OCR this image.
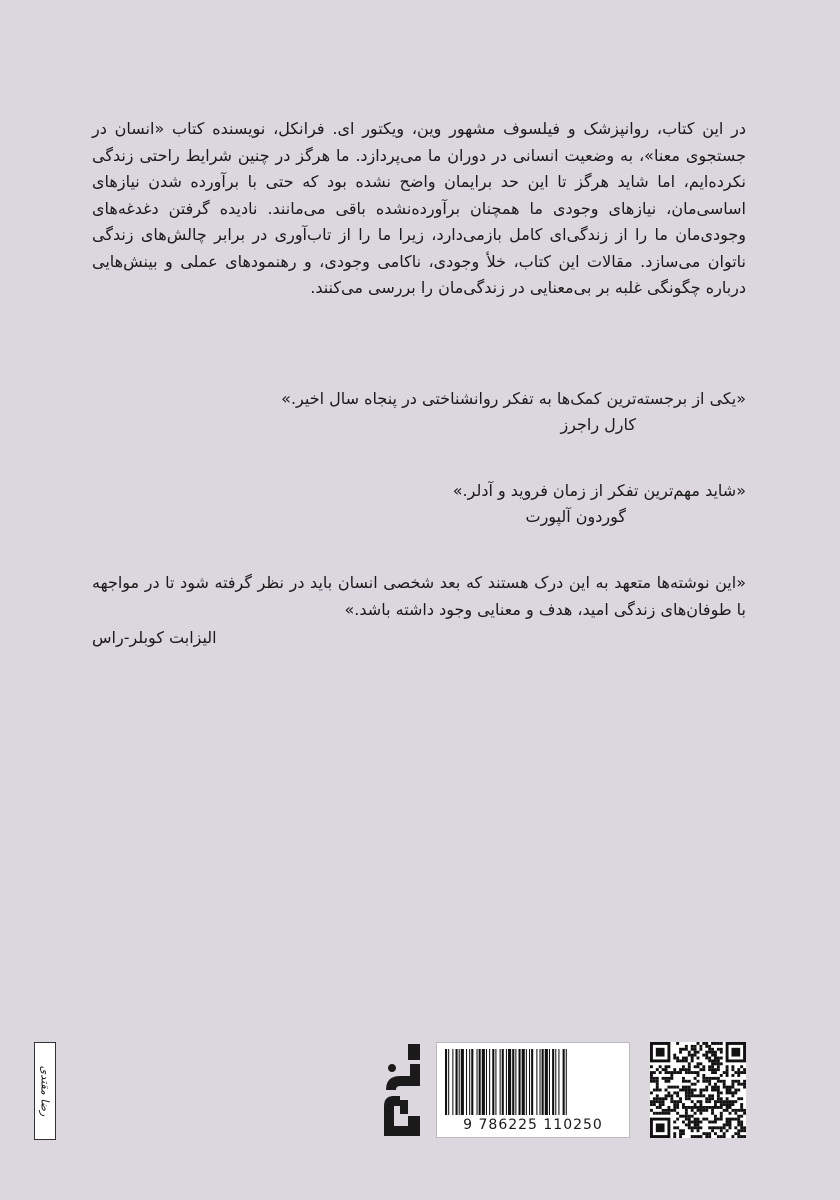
در این کتاب، روانپزشک و فیلسوف مشهور وین، ویکتور ای. فرانکل، نویسنده کتاب «انسان در جستجوی معنا»، به وضعیت انسانی در دوران ما می‌پردازد. ما هرگز در چنین شرایط راحتی زندگی نکرده‌ایم، اما شاید هرگز تا این حد برایمان واضح نشده بود که حتی با برآورده شدن نیازهای اساسی‌مان، نیازهای وجودی ما همچنان برآورده‌نشده باقی می‌مانند. نادیده گرفتن دغدغه‌های وجودی‌مان ما را از زندگی‌ای کامل بازمی‌دارد، زیرا ما را از تاب‌آوری در برابر چالش‌های زندگی ناتوان می‌سازد. مقالات این کتاب، خلأ وجودی، ناکامی وجودی، و رهنمودهای عملی و بینش‌هایی درباره چگونگی غلبه بر بی‌معنایی در زندگی‌مان را بررسی می‌کنند.
«یکی از برجسته‌ترین کمک‌ها به تفکر روانشناختی در پنجاه سال اخیر.»
کارل راجرز
«شاید مهم‌ترین تفکر از زمان فروید و آدلر.»
گوردون آلپورت
«این نوشته‌ها متعهد به این درک هستند که بعد شخصی انسان باید در نظر گرفته شود تا در مواجهه با طوفان‌های زندگی امید، هدف و معنایی وجود داشته باشد.»
الیزابت کوبلر-راس
رضا مقتدی
9 786225 110250
